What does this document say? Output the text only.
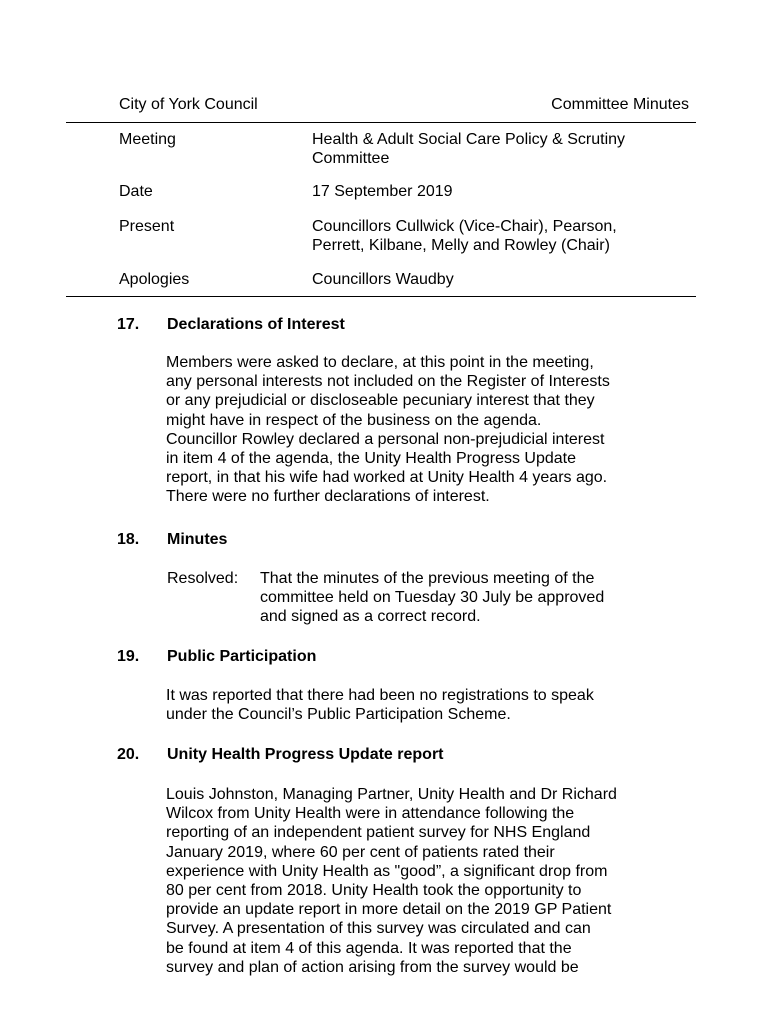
City of York Council	Committee Minutes
Meeting	Health & Adult Social Care Policy & Scrutiny
Committee
Date	17 September 2019
Present	Councillors Cullwick (Vice-Chair), Pearson,
Perrett, Kilbane, Melly and Rowley (Chair)
Apologies	Councillors Waudby
17. Declarations of Interest
Members were asked to declare, at this point in the meeting,
any personal interests not included on the Register of Interests
or any prejudicial or discloseable pecuniary interest that they
might have in respect of the business on the agenda.
Councillor Rowley declared a personal non-prejudicial interest
in item 4 of the agenda, the Unity Health Progress Update
report, in that his wife had worked at Unity Health 4 years ago.
There were no further declarations of interest.
18. Minutes
Resolved: That the minutes of the previous meeting of the
committee held on Tuesday 30 July be approved
and signed as a correct record.
19. Public Participation
It was reported that there had been no registrations to speak
under the Council’s Public Participation Scheme.
20. Unity Health Progress Update report
Louis Johnston, Managing Partner, Unity Health and Dr Richard
Wilcox from Unity Health were in attendance following the
reporting of an independent patient survey for NHS England
January 2019, where 60 per cent of patients rated their
experience with Unity Health as "good”, a significant drop from
80 per cent from 2018. Unity Health took the opportunity to
provide an update report in more detail on the 2019 GP Patient
Survey. A presentation of this survey was circulated and can
be found at item 4 of this agenda. It was reported that the
survey and plan of action arising from the survey would be
